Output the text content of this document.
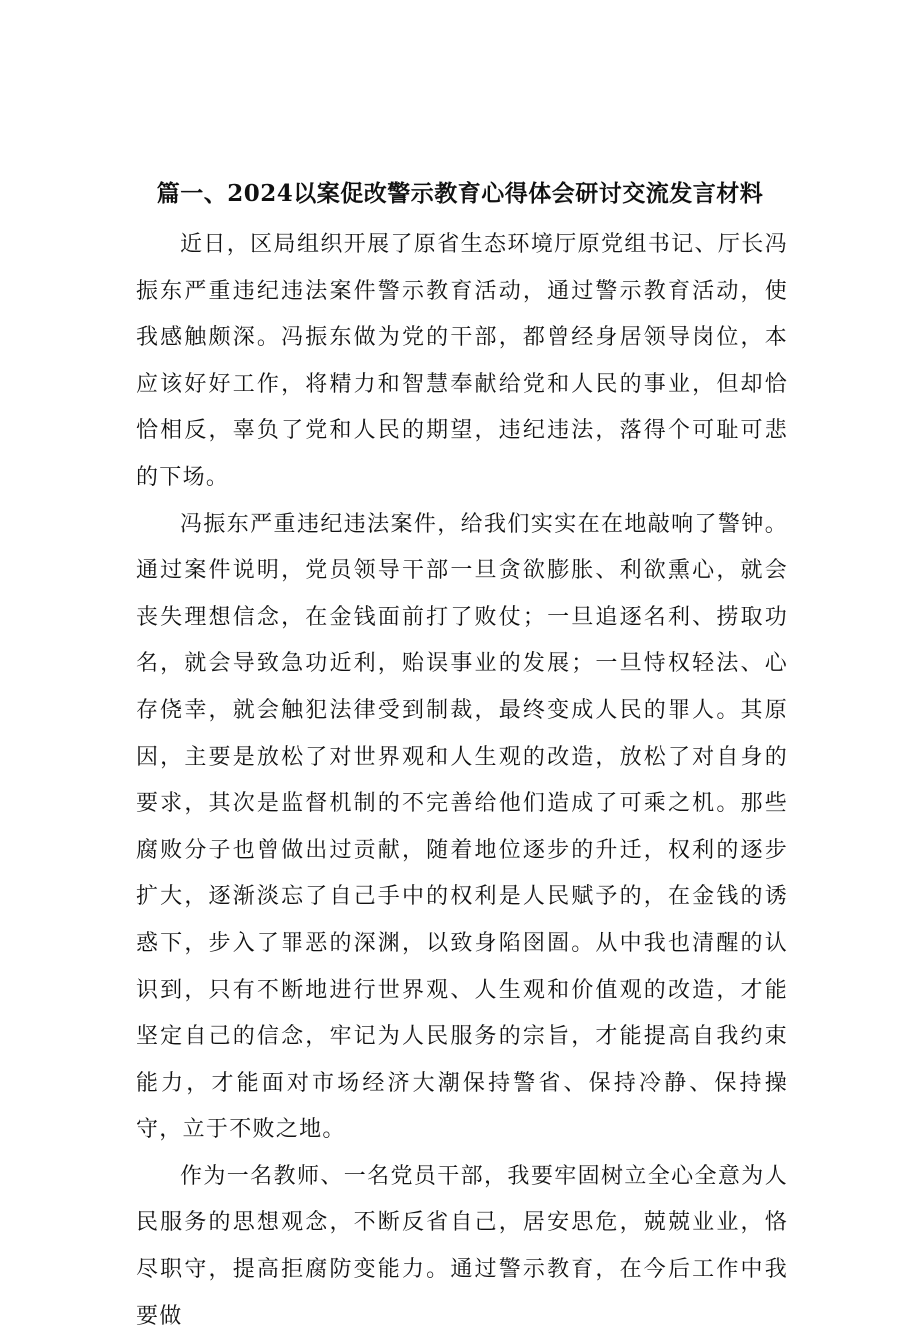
篇一、2024以案促改警示教育心得体会研讨交流发言材料

近日，区局组织开展了原省生态环境厅原党组书记、厅长冯振东严重违纪违法案件警示教育活动，通过警示教育活动，使我感触颇深。冯振东做为党的干部，都曾经身居领导岗位，本应该好好工作，将精力和智慧奉献给党和人民的事业，但却恰恰相反，辜负了党和人民的期望，违纪违法，落得个可耻可悲的下场。

冯振东严重违纪违法案件，给我们实实在在地敲响了警钟。通过案件说明，党员领导干部一旦贪欲膨胀、利欲熏心，就会丧失理想信念，在金钱面前打了败仗；一旦追逐名利、捞取功名，就会导致急功近利，贻误事业的发展；一旦恃权轻法、心存侥幸，就会触犯法律受到制裁，最终变成人民的罪人。其原因，主要是放松了对世界观和人生观的改造，放松了对自身的要求，其次是监督机制的不完善给他们造成了可乘之机。那些腐败分子也曾做出过贡献，随着地位逐步的升迁，权利的逐步扩大，逐渐淡忘了自己手中的权利是人民赋予的，在金钱的诱惑下，步入了罪恶的深渊，以致身陷囹圄。从中我也清醒的认识到，只有不断地进行世界观、人生观和价值观的改造，才能坚定自己的信念，牢记为人民服务的宗旨，才能提高自我约束能力，才能面对市场经济大潮保持警省、保持冷静、保持操守，立于不败之地。

作为一名教师、一名党员干部，我要牢固树立全心全意为人民服务的思想观念，不断反省自己，居安思危，兢兢业业，恪尽职守，提高拒腐防变能力。通过警示教育，在今后工作中我要做
